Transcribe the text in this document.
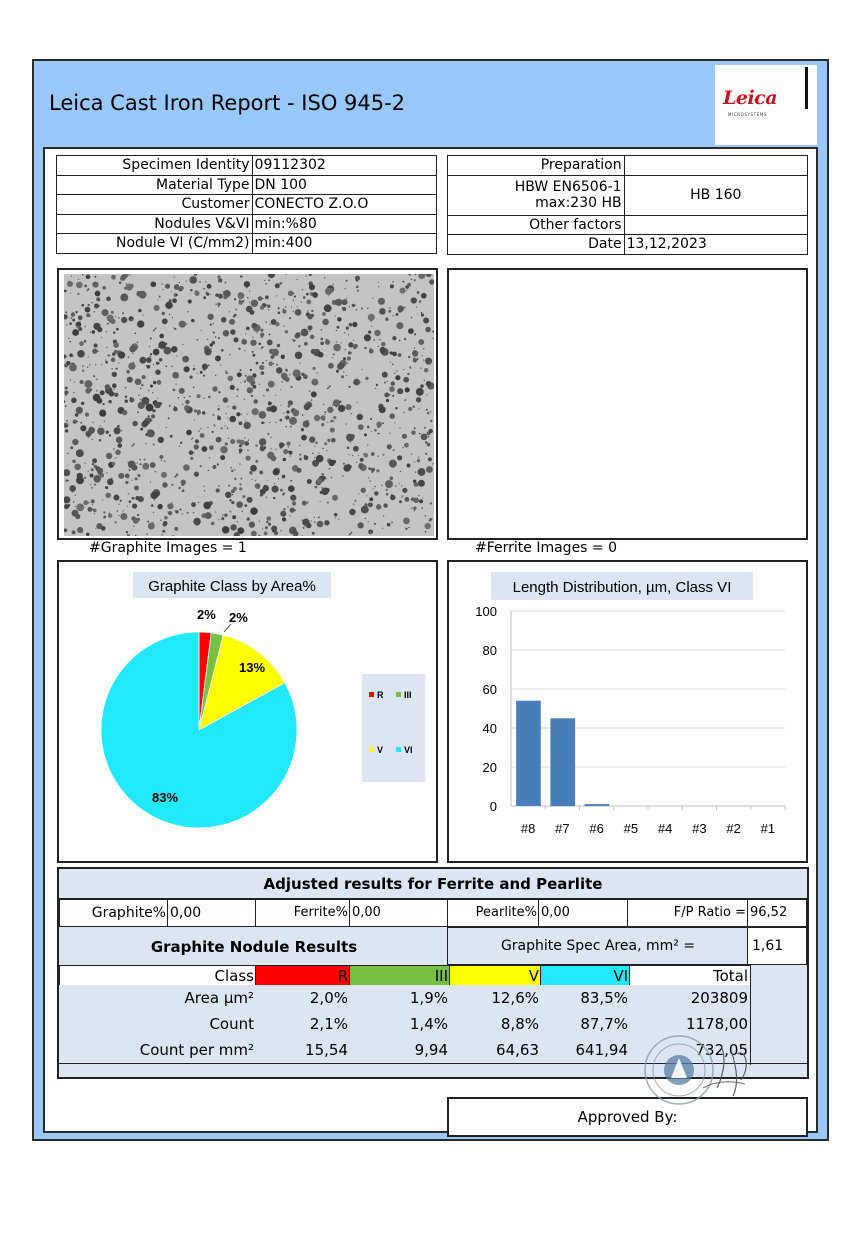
Leica Cast Iron Report - ISO 945-2	Leica
MICROSYSTEMS
Specimen Identity	09112302
Material Type	DN 100
Customer	CONECTO Z.O.O
Nodules V&VI	min:%80
Nodule VI (C/mm2)	min:400
Preparation	
HBW EN6506-1
max:230 HB	HB 160
Other factors	
Date	13,12,2023
#Graphite Images = 1	#Ferrite Images = 0
Graphite Class by Area%
2% 2%
13%
83%
R III
V VI
Length Distribution, µm, Class VI
0
20
40
60
80
100
#8 #7 #6 #5 #4 #3 #2 #1
Adjusted results for Ferrite and Pearlite
Graphite% 0,00	Ferrite% 0,00	Pearlite% 0,00	F/P Ratio = 96,52
Graphite Nodule Results	Graphite Spec Area, mm² =	1,61
Class	R	III	V	VI	Total
Area µm²	2,0%	1,9%	12,6%	83,5%	203809
Count	2,1%	1,4%	8,8%	87,7%	1178,00
Count per mm²	15,54	9,94	64,63	641,94	732,05
Approved By:
